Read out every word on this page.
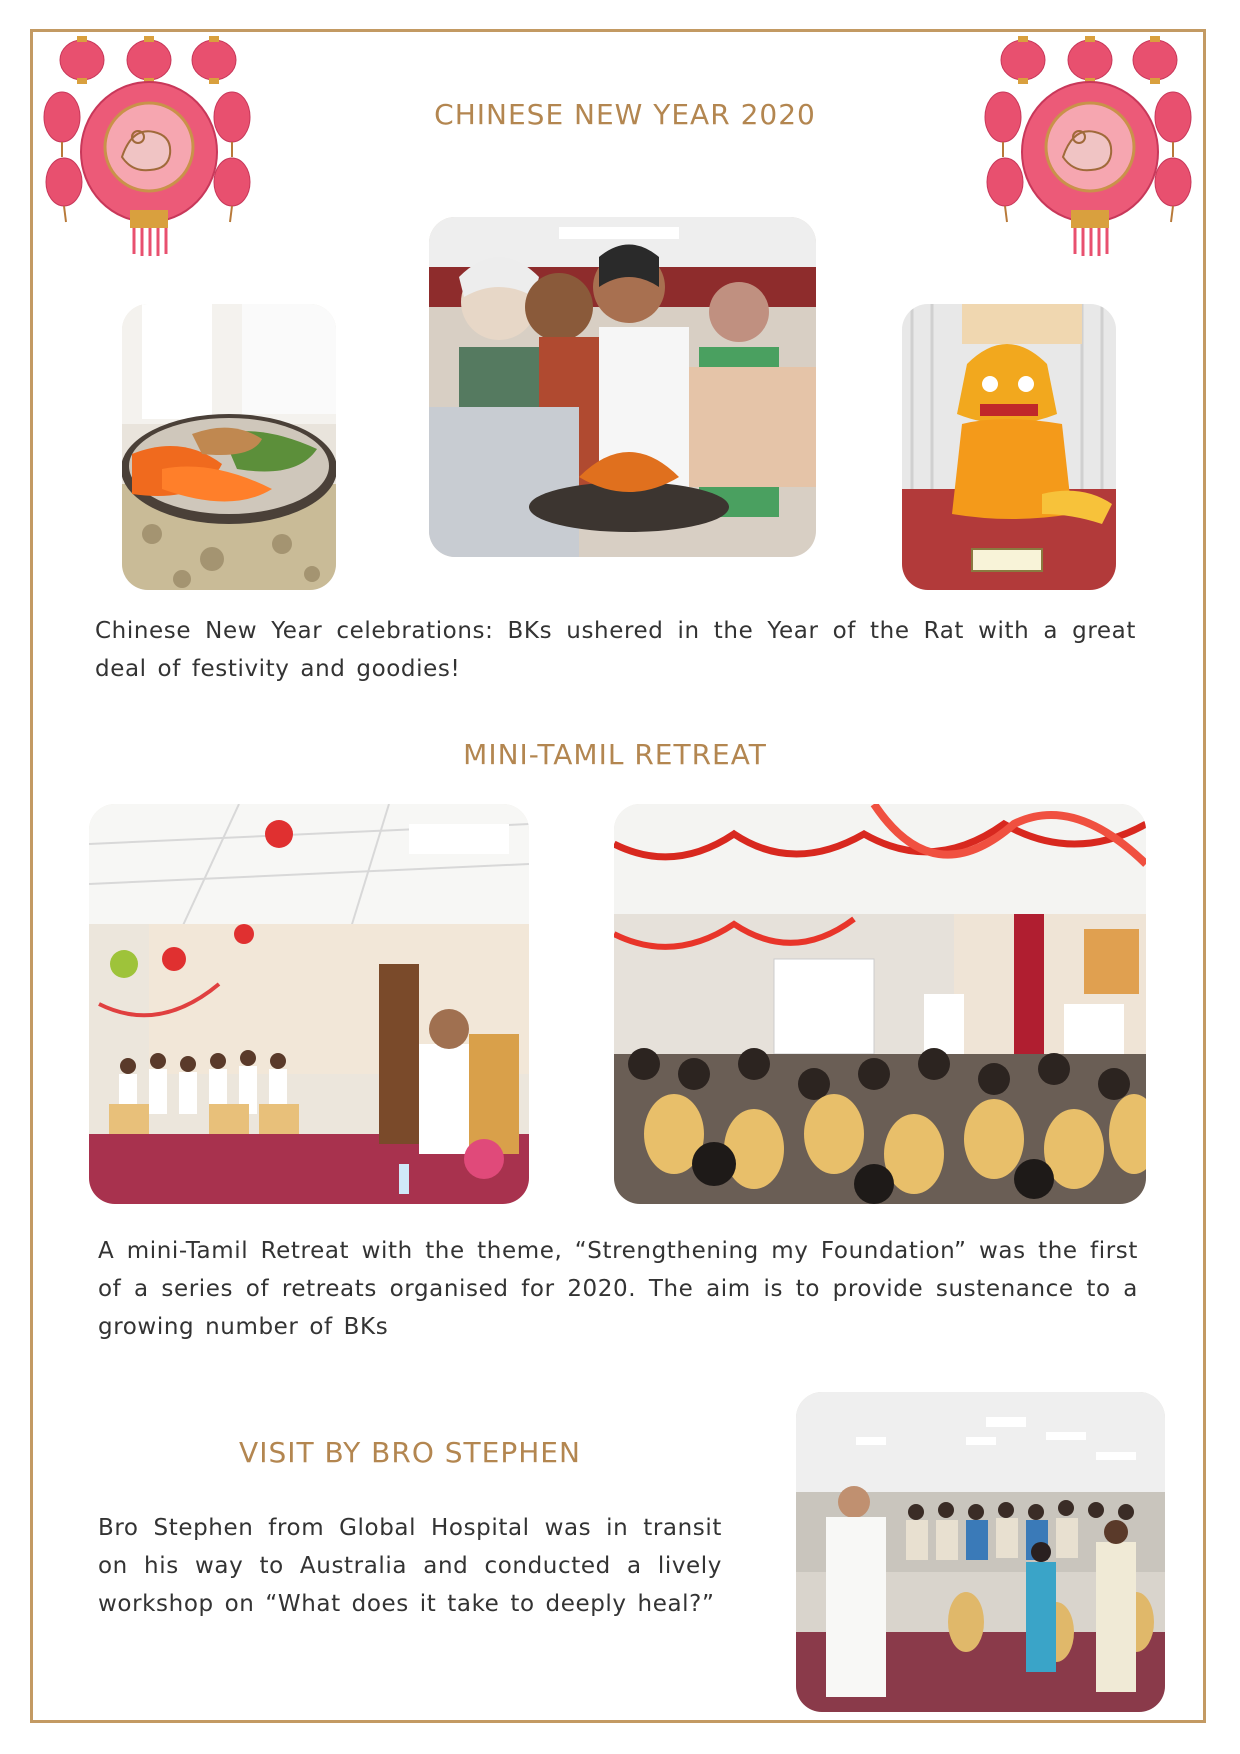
CHINESE NEW YEAR 2020

Chinese New Year celebrations: BKs ushered in the Year of the Rat with a great deal of festivity and goodies!

MINI-TAMIL RETREAT

A mini-Tamil Retreat with the theme, “Strengthening my Foundation” was the first of a series of retreats organised for 2020. The aim is to provide sustenance to a growing number of BKs

VISIT BY BRO STEPHEN

Bro Stephen from Global Hospital was in transit on his way to Australia and conducted a lively workshop on “What does it take to deeply heal?”
